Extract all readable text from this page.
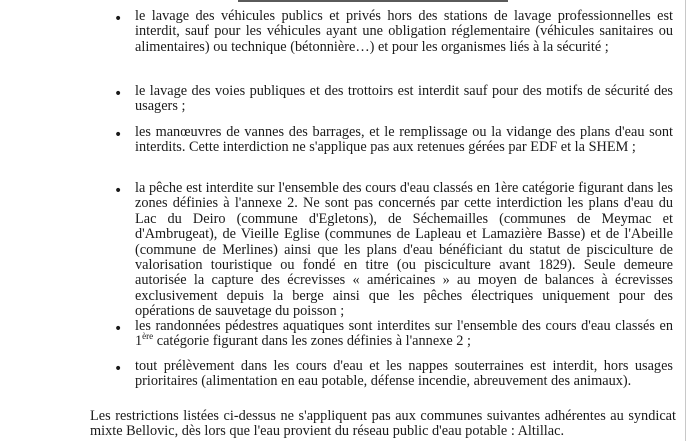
• le lavage des véhicules publics et privés hors des stations de lavage professionnelles est interdit, sauf pour les véhicules ayant une obligation réglementaire (véhicules sanitaires ou alimentaires) ou technique (bétonnière…) et pour les organismes liés à la sécurité ;
• le lavage des voies publiques et des trottoirs est interdit sauf pour des motifs de sécurité des usagers ;
• les manœuvres de vannes des barrages, et le remplissage ou la vidange des plans d'eau sont interdits. Cette interdiction ne s'applique pas aux retenues gérées par EDF et la SHEM ;
• la pêche est interdite sur l'ensemble des cours d'eau classés en 1ère catégorie figurant dans les zones définies à l'annexe 2. Ne sont pas concernés par cette interdiction les plans d'eau du Lac du Deiro (commune d'Egletons), de Séchemailles (communes de Meymac et d'Ambrugeat), de Vieille Eglise (communes de Lapleau et Lamazière Basse) et de l'Abeille (commune de Merlines) ainsi que les plans d'eau bénéficiant du statut de pisciculture de valorisation touristique ou fondé en titre (ou pisciculture avant 1829). Seule demeure autorisée la capture des écrevisses « américaines » au moyen de balances à écrevisses exclusivement depuis la berge ainsi que les pêches électriques uniquement pour des opérations de sauvetage du poisson ;
• les randonnées pédestres aquatiques sont interdites sur l'ensemble des cours d'eau classés en 1ère catégorie figurant dans les zones définies à l'annexe 2 ;
• tout prélèvement dans les cours d'eau et les nappes souterraines est interdit, hors usages prioritaires (alimentation en eau potable, défense incendie, abreuvement des animaux).

Les restrictions listées ci-dessus ne s'appliquent pas aux communes suivantes adhérentes au syndicat mixte Bellovic, dès lors que l'eau provient du réseau public d'eau potable : Altillac.
